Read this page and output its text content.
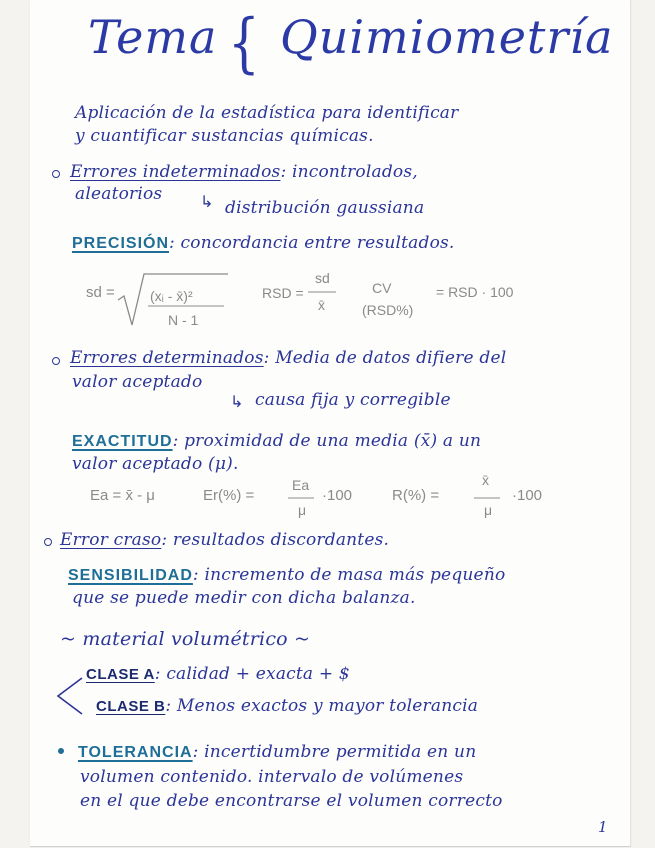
Tema { Quimiometría
Aplicación de la estadística para identificar
y cuantificar sustancias químicas.
Errores indeterminados: incontrolados,
aleatorios ↳ distribución gaussiana
PRECISIÓN: concordancia entre resultados.
sd =	(xᵢ - x̄)²
N - 1
RSD =
sd
x̄
CV
(RSD%)
= RSD · 100
Errores determinados: Media de datos difiere del
valor aceptado
↳ causa fija y corregible
EXACTITUD: proximidad de una media (x̄) a un
valor aceptado (μ).
Ea = x̄ - μ	Er(%) =
Ea
μ
·100	R(%) =
x̄
μ
·100
Error craso: resultados discordantes.
SENSIBILIDAD: incremento de masa más pequeño
que se puede medir con dicha balanza.
~ material volumétrico ~
CLASE A: calidad + exacta + $
CLASE B: Menos exactos y mayor tolerancia
TOLERANCIA: incertidumbre permitida en un
volumen contenido. intervalo de volúmenes
en el que debe encontrarse el volumen correcto
1
